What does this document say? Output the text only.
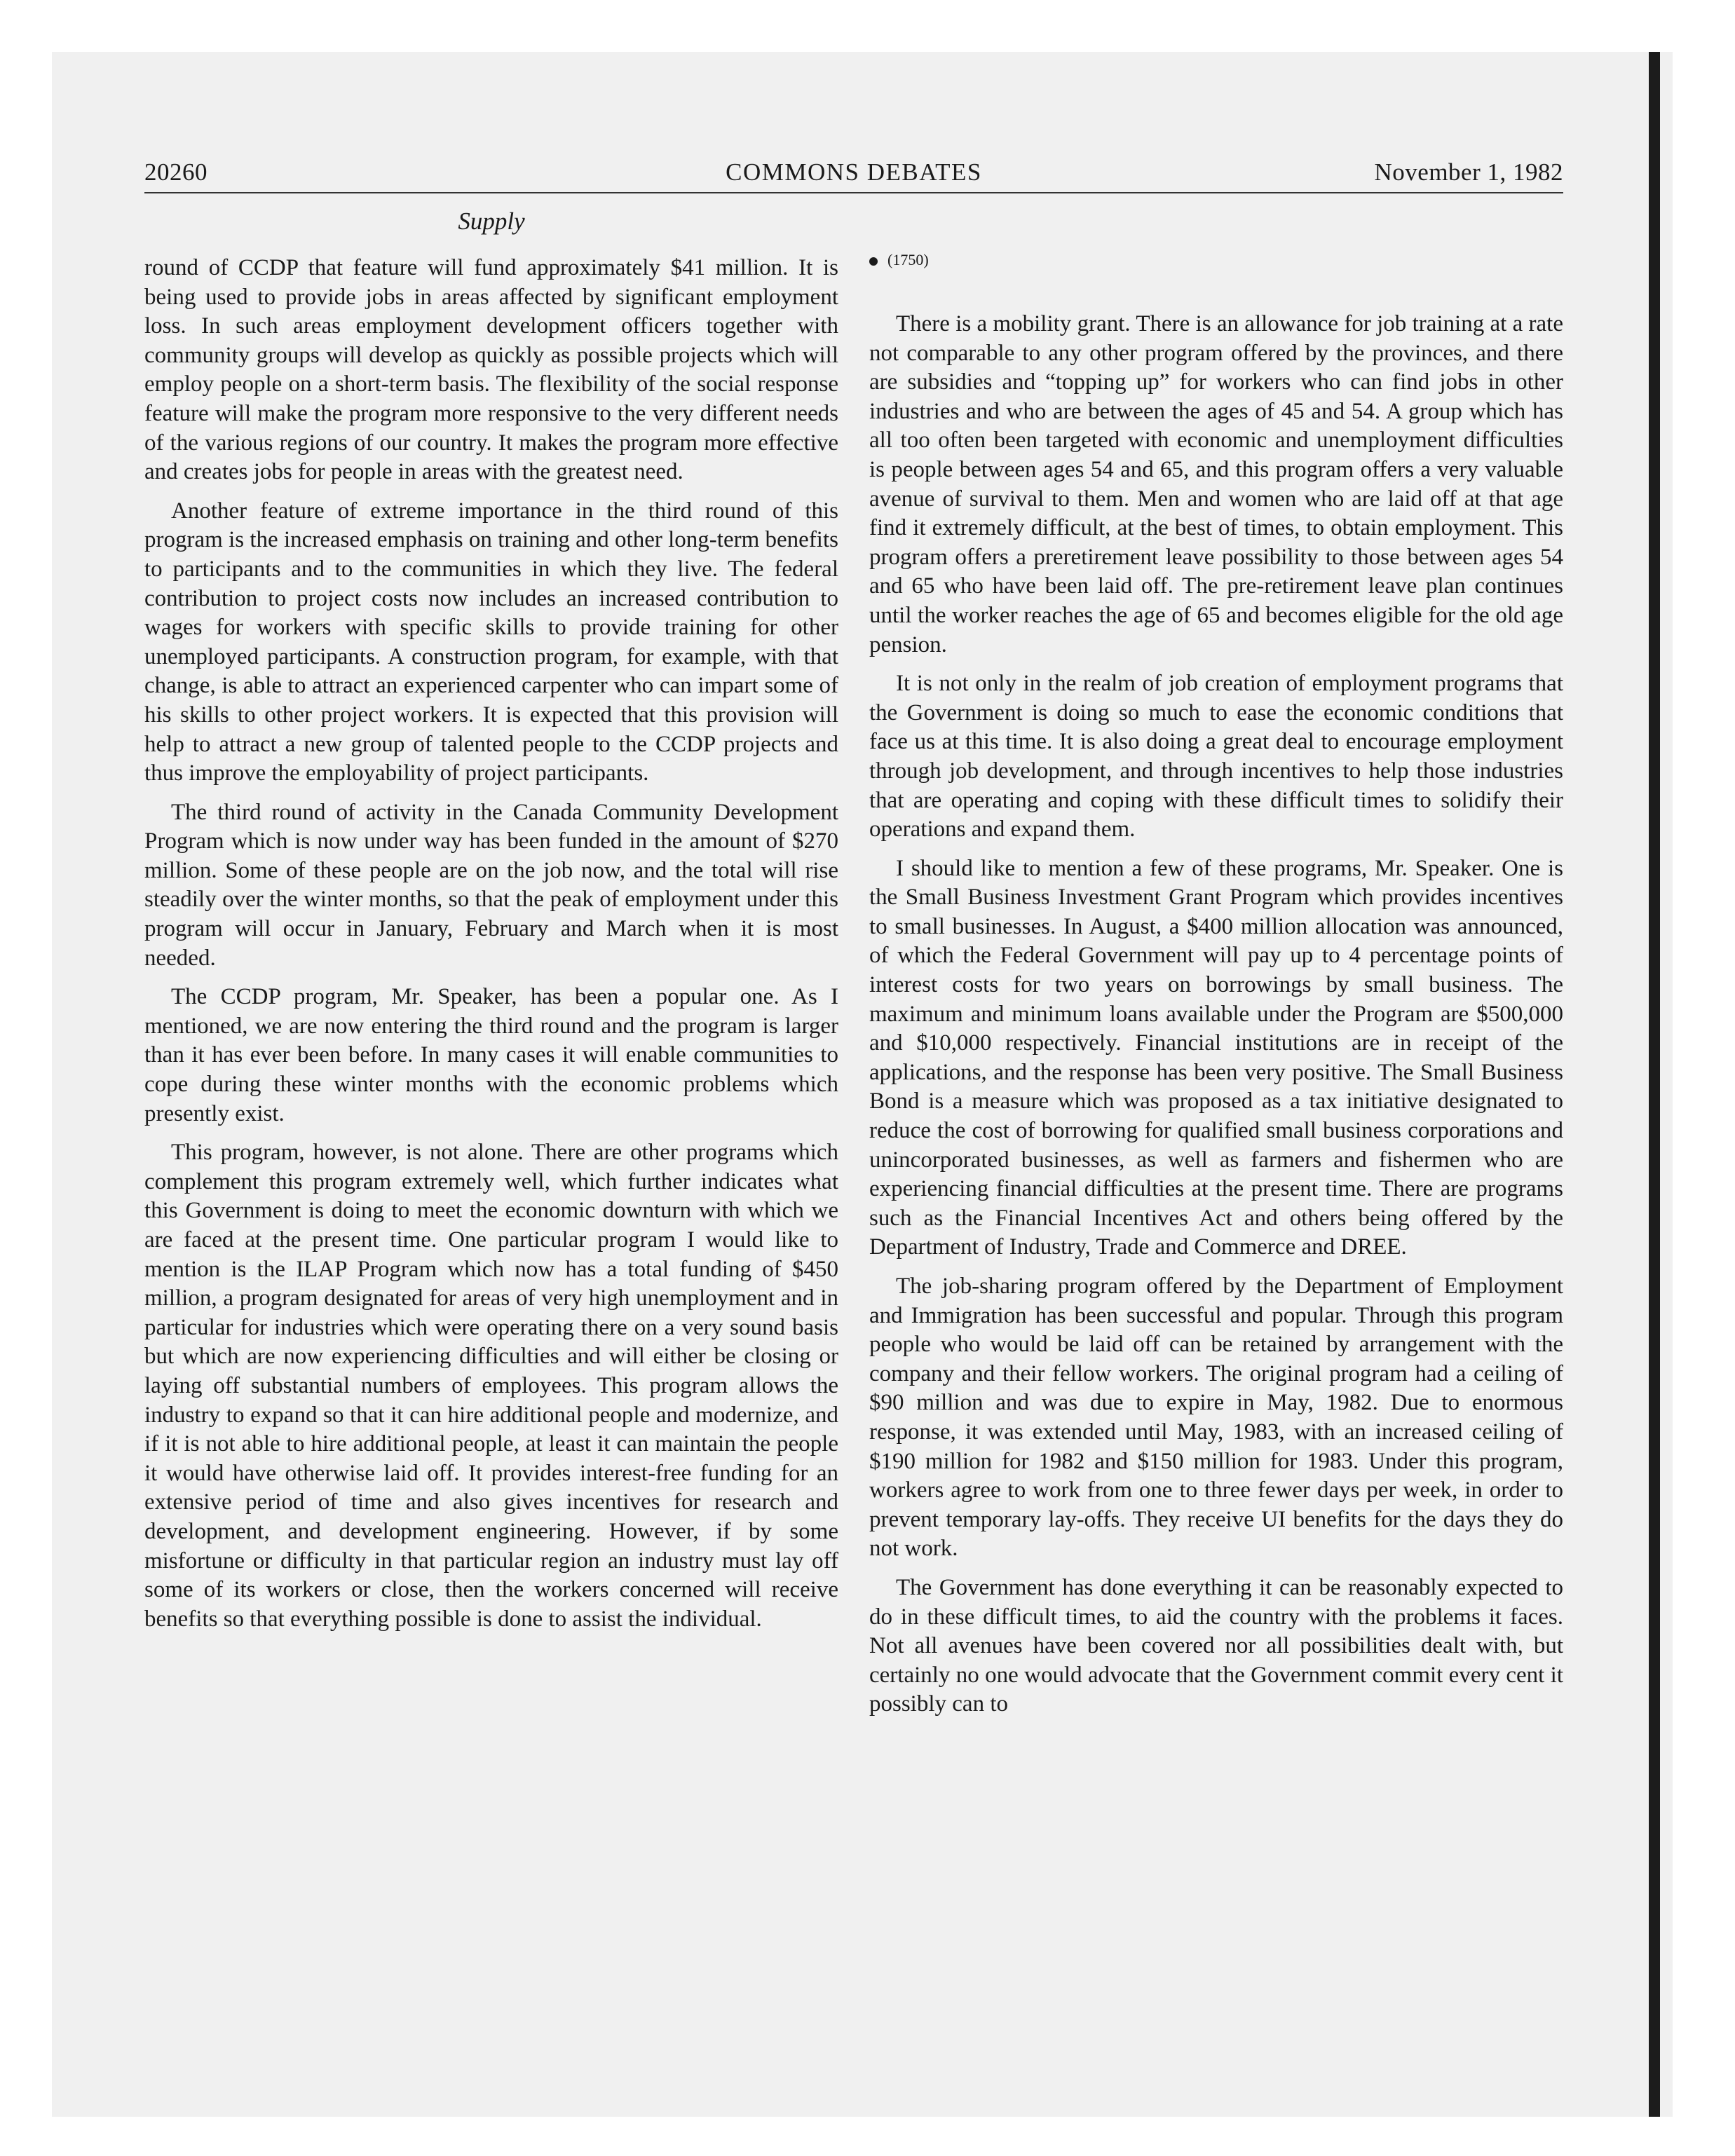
20260	COMMONS DEBATES	November 1, 1982
Supply

round of CCDP that feature will fund approximately $41 million. It is being used to provide jobs in areas affected by significant employment loss. In such areas employment development officers together with community groups will develop as quickly as possible projects which will employ people on a short-term basis. The flexibility of the social response feature will make the program more responsive to the very different needs of the various regions of our country. It makes the program more effective and creates jobs for people in areas with the greatest need.

Another feature of extreme importance in the third round of this program is the increased emphasis on training and other long-term benefits to participants and to the communities in which they live. The federal contribution to project costs now includes an increased contribution to wages for workers with specific skills to provide training for other unemployed participants. A construction program, for example, with that change, is able to attract an experienced carpenter who can impart some of his skills to other project workers. It is expected that this provision will help to attract a new group of talented people to the CCDP projects and thus improve the employability of project participants.

The third round of activity in the Canada Community Development Program which is now under way has been funded in the amount of $270 million. Some of these people are on the job now, and the total will rise steadily over the winter months, so that the peak of employment under this program will occur in January, February and March when it is most needed.

The CCDP program, Mr. Speaker, has been a popular one. As I mentioned, we are now entering the third round and the program is larger than it has ever been before. In many cases it will enable communities to cope during these winter months with the economic problems which presently exist.

This program, however, is not alone. There are other programs which complement this program extremely well, which further indicates what this Government is doing to meet the economic downturn with which we are faced at the present time. One particular program I would like to mention is the ILAP Program which now has a total funding of $450 million, a program designated for areas of very high unemployment and in particular for industries which were operating there on a very sound basis but which are now experiencing difficulties and will either be closing or laying off substantial numbers of employees. This program allows the industry to expand so that it can hire additional people and modernize, and if it is not able to hire additional people, at least it can maintain the people it would have otherwise laid off. It provides interest-free funding for an extensive period of time and also gives incentives for research and development, and development engineering. However, if by some misfortune or difficulty in that particular region an industry must lay off some of its workers or close, then the workers concerned will receive benefits so that everything possible is done to assist the individual.

(1750)

There is a mobility grant. There is an allowance for job training at a rate not comparable to any other program offered by the provinces, and there are subsidies and “topping up” for workers who can find jobs in other industries and who are between the ages of 45 and 54. A group which has all too often been targeted with economic and unemployment difficulties is people between ages 54 and 65, and this program offers a very valuable avenue of survival to them. Men and women who are laid off at that age find it extremely difficult, at the best of times, to obtain employment. This program offers a preretirement leave possibility to those between ages 54 and 65 who have been laid off. The pre-retirement leave plan continues until the worker reaches the age of 65 and becomes eligible for the old age pension.

It is not only in the realm of job creation of employment programs that the Government is doing so much to ease the economic conditions that face us at this time. It is also doing a great deal to encourage employment through job development, and through incentives to help those industries that are operating and coping with these difficult times to solidify their operations and expand them.

I should like to mention a few of these programs, Mr. Speaker. One is the Small Business Investment Grant Program which provides incentives to small businesses. In August, a $400 million allocation was announced, of which the Federal Government will pay up to 4 percentage points of interest costs for two years on borrowings by small business. The maximum and minimum loans available under the Program are $500,000 and $10,000 respectively. Financial institutions are in receipt of the applications, and the response has been very positive. The Small Business Bond is a measure which was proposed as a tax initiative designated to reduce the cost of borrowing for qualified small business corporations and unincorporated businesses, as well as farmers and fishermen who are experiencing financial difficulties at the present time. There are programs such as the Financial Incentives Act and others being offered by the Department of Industry, Trade and Commerce and DREE.

The job-sharing program offered by the Department of Employment and Immigration has been successful and popular. Through this program people who would be laid off can be retained by arrangement with the company and their fellow workers. The original program had a ceiling of $90 million and was due to expire in May, 1982. Due to enormous response, it was extended until May, 1983, with an increased ceiling of $190 million for 1982 and $150 million for 1983. Under this program, workers agree to work from one to three fewer days per week, in order to prevent temporary lay-offs. They receive UI benefits for the days they do not work.

The Government has done everything it can be reasonably expected to do in these difficult times, to aid the country with the problems it faces. Not all avenues have been covered nor all possibilities dealt with, but certainly no one would advocate that the Government commit every cent it possibly can to
